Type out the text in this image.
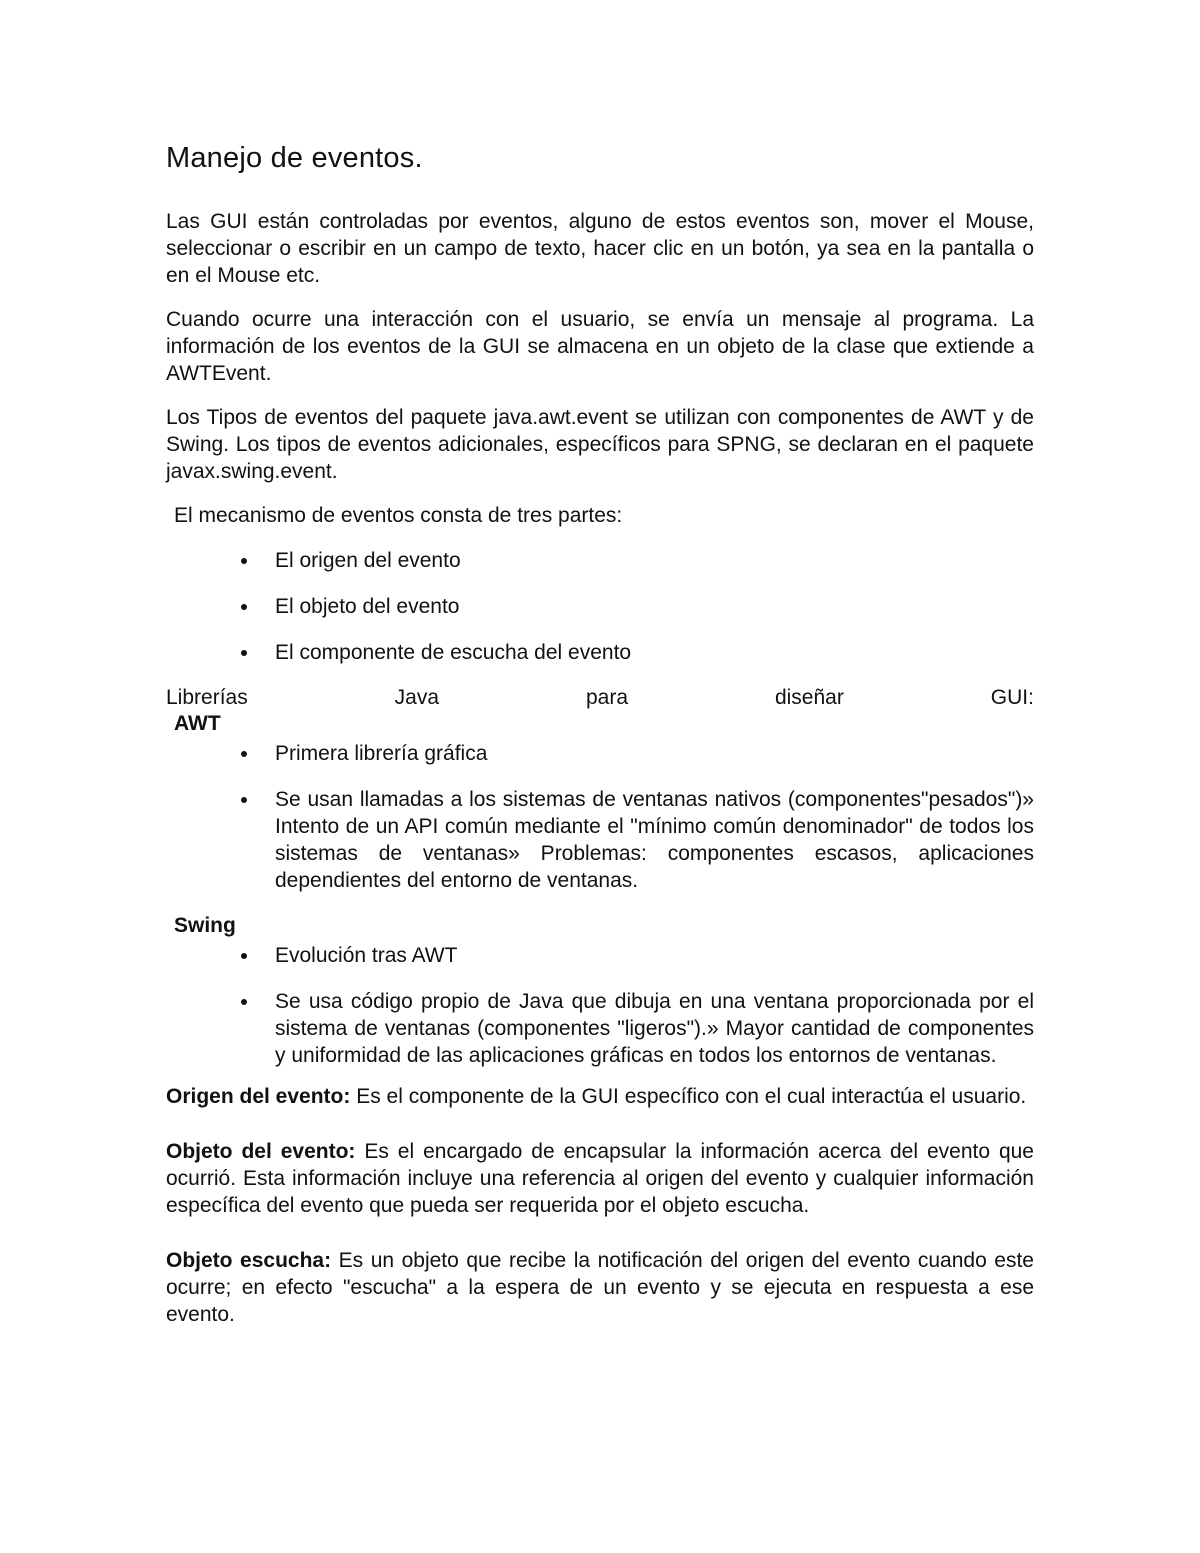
Manejo de eventos.

Las GUI están controladas por eventos, alguno de estos eventos son, mover el Mouse, seleccionar o escribir en un campo de texto, hacer clic en un botón, ya sea en la pantalla o en el Mouse etc.

Cuando ocurre una interacción con el usuario, se envía un mensaje al programa. La información de los eventos de la GUI se almacena en un objeto de la clase que extiende a AWTEvent.

Los Tipos de eventos del paquete java.awt.event se utilizan con componentes de AWT y de Swing. Los tipos de eventos adicionales, específicos para SPNG, se declaran en el paquete javax.swing.event.

El mecanismo de eventos consta de tres partes:

El origen del evento
El objeto del evento
El componente de escucha del evento
Librerías	Java	para	diseñar	GUI:
AWT
Primera librería gráfica
Se usan llamadas a los sistemas de ventanas nativos (componentes"pesados")» Intento de un API común mediante el "mínimo común denominador" de todos los sistemas de ventanas» Problemas: componentes escasos, aplicaciones dependientes del entorno de ventanas.
Swing
Evolución tras AWT
Se usa código propio de Java que dibuja en una ventana proporcionada por el sistema de ventanas (componentes "ligeros").» Mayor cantidad de componentes y uniformidad de las aplicaciones gráficas en todos los entornos de ventanas.

Origen del evento: Es el componente de la GUI específico con el cual interactúa el usuario.

Objeto del evento: Es el encargado de encapsular la información acerca del evento que ocurrió. Esta información incluye una referencia al origen del evento y cualquier información específica del evento que pueda ser requerida por el objeto escucha.

Objeto escucha: Es un objeto que recibe la notificación del origen del evento cuando este ocurre; en efecto "escucha" a la espera de un evento y se ejecuta en respuesta a ese evento.
